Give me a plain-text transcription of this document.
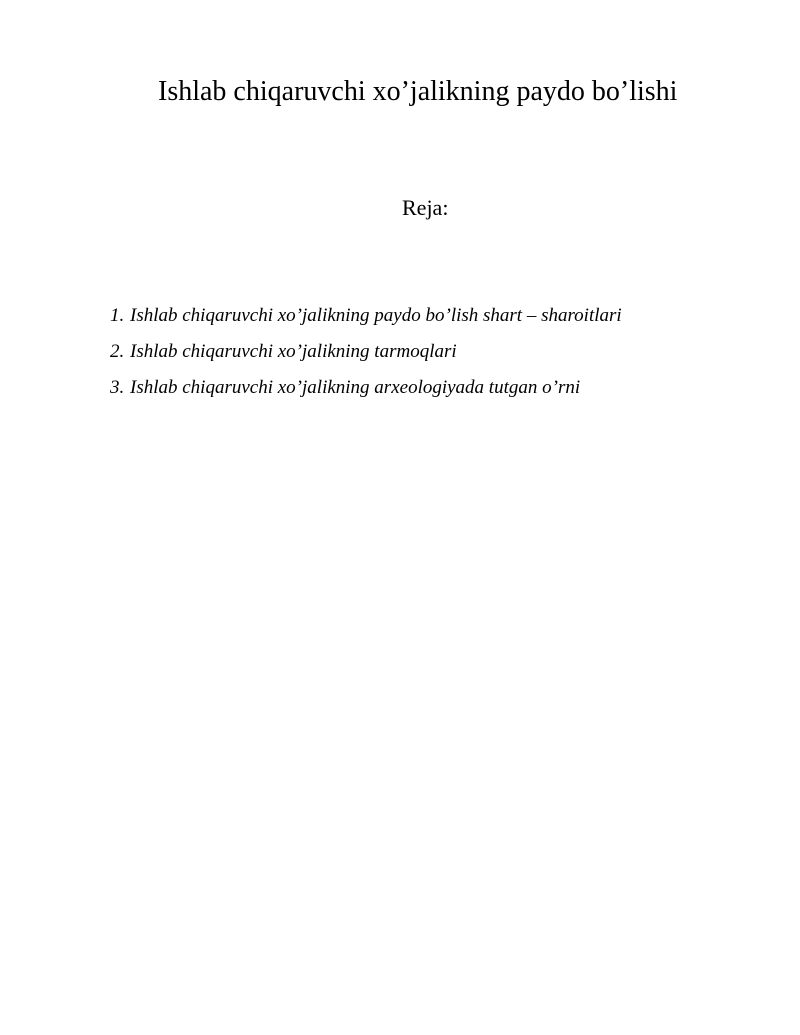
Ishlab chiqaruvchi xo’jalikning paydo bo’lishi
Reja:
1. Ishlab chiqaruvchi xo’jalikning paydo bo’lish shart – sharoitlari
2. Ishlab chiqaruvchi xo’jalikning tarmoqlari
3. Ishlab chiqaruvchi xo’jalikning arxeologiyada tutgan o’rni
